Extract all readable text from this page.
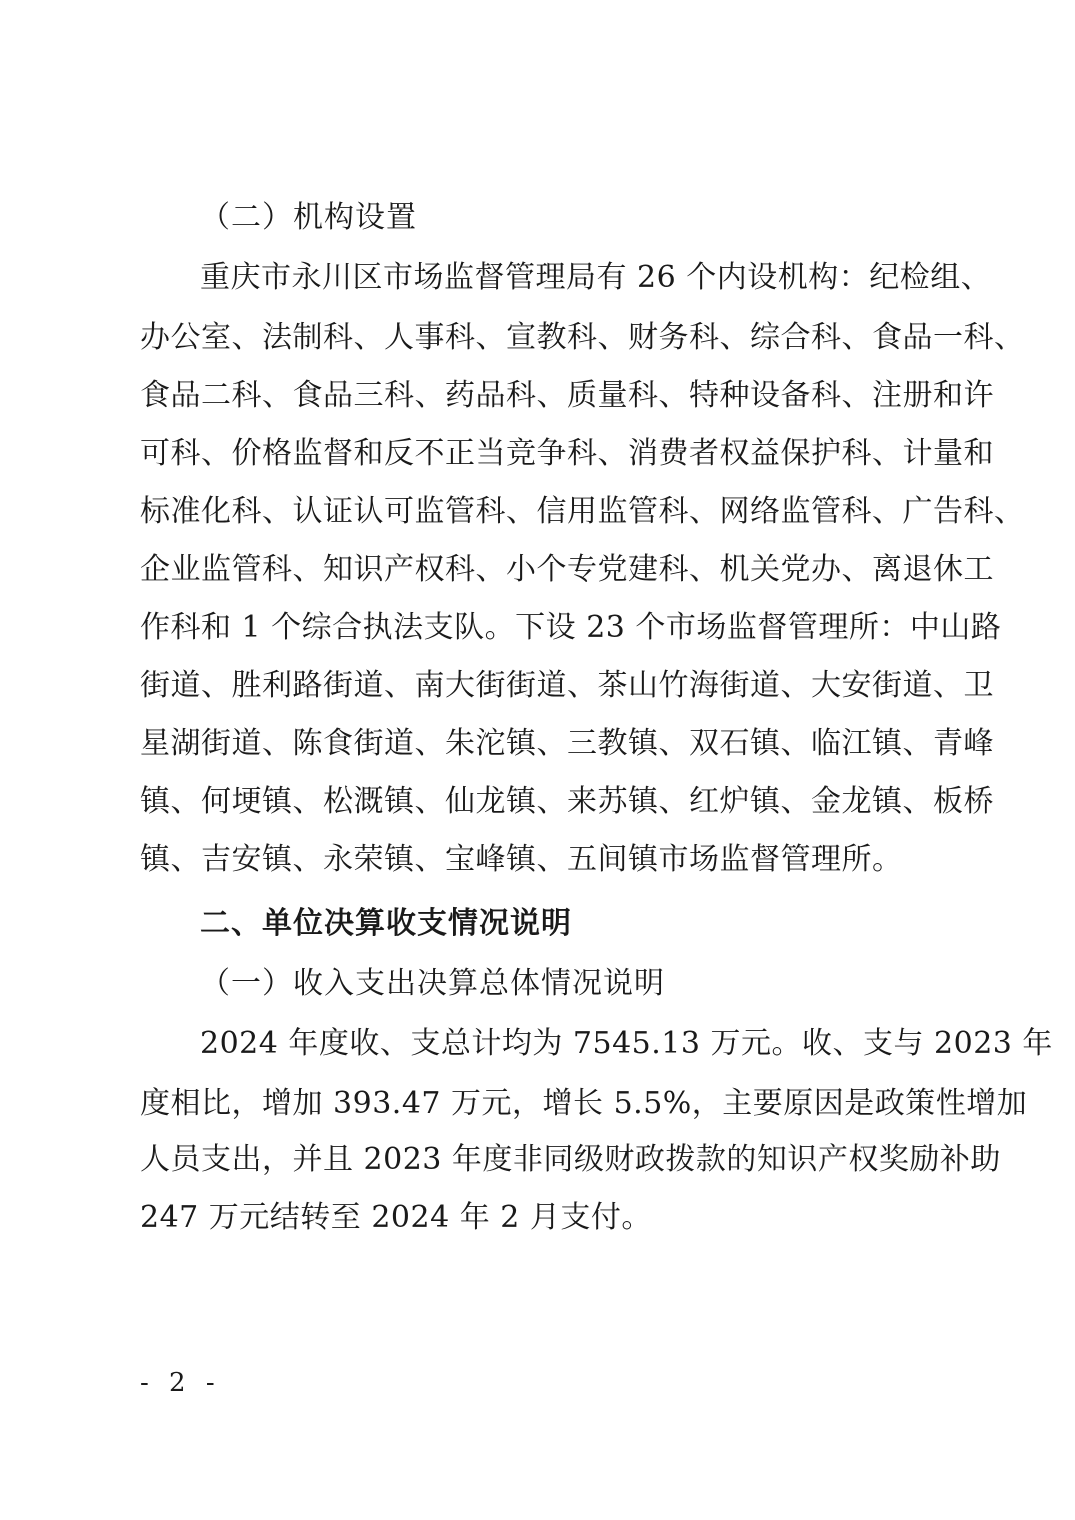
（二）机构设置
重庆市永川区市场监督管理局有 26 个内设机构：纪检组、
办公室、法制科、人事科、宣教科、财务科、综合科、食品一科、
食品二科、食品三科、药品科、质量科、特种设备科、注册和许
可科、价格监督和反不正当竞争科、消费者权益保护科、计量和
标准化科、认证认可监管科、信用监管科、网络监管科、广告科、
企业监管科、知识产权科、小个专党建科、机关党办、离退休工
作科和 1 个综合执法支队。下设 23 个市场监督管理所：中山路
街道、胜利路街道、南大街街道、茶山竹海街道、大安街道、卫
星湖街道、陈食街道、朱沱镇、三教镇、双石镇、临江镇、青峰
镇、何埂镇、松溉镇、仙龙镇、来苏镇、红炉镇、金龙镇、板桥
镇、吉安镇、永荣镇、宝峰镇、五间镇市场监督管理所。
二、单位决算收支情况说明
（一）收入支出决算总体情况说明
2024 年度收、支总计均为 7545.13 万元。收、支与 2023 年
度相比，增加 393.47 万元，增长 5.5%，主要原因是政策性增加
人员支出，并且 2023 年度非同级财政拨款的知识产权奖励补助
247 万元结转至 2024 年 2 月支付。
- 2 -
